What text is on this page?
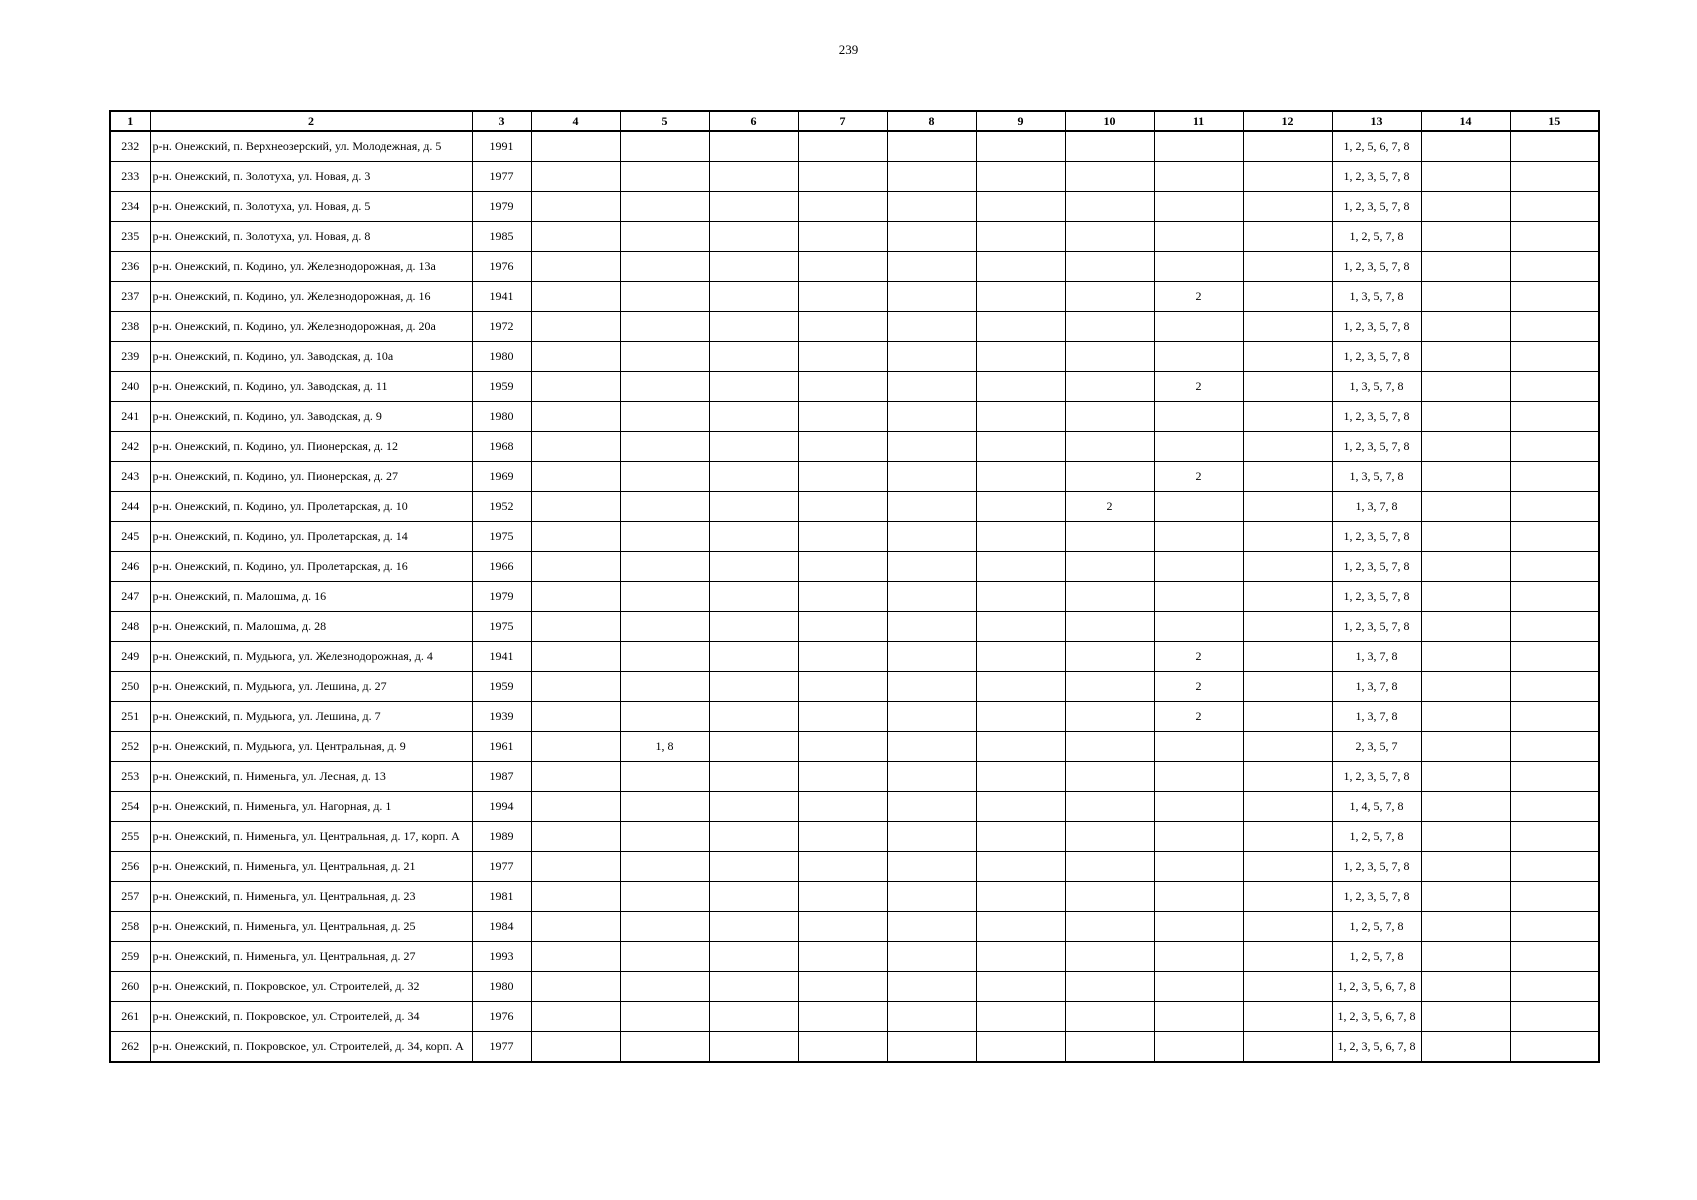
239
1	2	3	4	5	6	7	8	9	10	11	12	13	14	15
232	р-н. Онежский, п. Верхнеозерский, ул. Молодежная, д. 5	1991										1, 2, 5, 6, 7, 8		
233	р-н. Онежский, п. Золотуха, ул. Новая, д. 3	1977										1, 2, 3, 5, 7, 8		
234	р-н. Онежский, п. Золотуха, ул. Новая, д. 5	1979										1, 2, 3, 5, 7, 8		
235	р-н. Онежский, п. Золотуха, ул. Новая, д. 8	1985										1, 2, 5, 7, 8		
236	р-н. Онежский, п. Кодино, ул. Железнодорожная, д. 13а	1976										1, 2, 3, 5, 7, 8		
237	р-н. Онежский, п. Кодино, ул. Железнодорожная, д. 16	1941								2		1, 3, 5, 7, 8		
238	р-н. Онежский, п. Кодино, ул. Железнодорожная, д. 20а	1972										1, 2, 3, 5, 7, 8		
239	р-н. Онежский, п. Кодино, ул. Заводская, д. 10а	1980										1, 2, 3, 5, 7, 8		
240	р-н. Онежский, п. Кодино, ул. Заводская, д. 11	1959								2		1, 3, 5, 7, 8		
241	р-н. Онежский, п. Кодино, ул. Заводская, д. 9	1980										1, 2, 3, 5, 7, 8		
242	р-н. Онежский, п. Кодино, ул. Пионерская, д. 12	1968										1, 2, 3, 5, 7, 8		
243	р-н. Онежский, п. Кодино, ул. Пионерская, д. 27	1969								2		1, 3, 5, 7, 8		
244	р-н. Онежский, п. Кодино, ул. Пролетарская, д. 10	1952							2			1, 3, 7, 8		
245	р-н. Онежский, п. Кодино, ул. Пролетарская, д. 14	1975										1, 2, 3, 5, 7, 8		
246	р-н. Онежский, п. Кодино, ул. Пролетарская, д. 16	1966										1, 2, 3, 5, 7, 8		
247	р-н. Онежский, п. Малошма, д. 16	1979										1, 2, 3, 5, 7, 8		
248	р-н. Онежский, п. Малошма, д. 28	1975										1, 2, 3, 5, 7, 8		
249	р-н. Онежский, п. Мудьюга, ул. Железнодорожная, д. 4	1941								2		1, 3, 7, 8		
250	р-н. Онежский, п. Мудьюга, ул. Лешина, д. 27	1959								2		1, 3, 7, 8		
251	р-н. Онежский, п. Мудьюга, ул. Лешина, д. 7	1939								2		1, 3, 7, 8		
252	р-н. Онежский, п. Мудьюга, ул. Центральная, д. 9	1961		1, 8								2, 3, 5, 7		
253	р-н. Онежский, п. Нименьга, ул. Лесная, д. 13	1987										1, 2, 3, 5, 7, 8		
254	р-н. Онежский, п. Нименьга, ул. Нагорная, д. 1	1994										1, 4, 5, 7, 8		
255	р-н. Онежский, п. Нименьга, ул. Центральная, д. 17, корп. А	1989										1, 2, 5, 7, 8		
256	р-н. Онежский, п. Нименьга, ул. Центральная, д. 21	1977										1, 2, 3, 5, 7, 8		
257	р-н. Онежский, п. Нименьга, ул. Центральная, д. 23	1981										1, 2, 3, 5, 7, 8		
258	р-н. Онежский, п. Нименьга, ул. Центральная, д. 25	1984										1, 2, 5, 7, 8		
259	р-н. Онежский, п. Нименьга, ул. Центральная, д. 27	1993										1, 2, 5, 7, 8		
260	р-н. Онежский, п. Покровское, ул. Строителей, д. 32	1980										1, 2, 3, 5, 6, 7, 8		
261	р-н. Онежский, п. Покровское, ул. Строителей, д. 34	1976										1, 2, 3, 5, 6, 7, 8		
262	р-н. Онежский, п. Покровское, ул. Строителей, д. 34, корп. А	1977										1, 2, 3, 5, 6, 7, 8		
